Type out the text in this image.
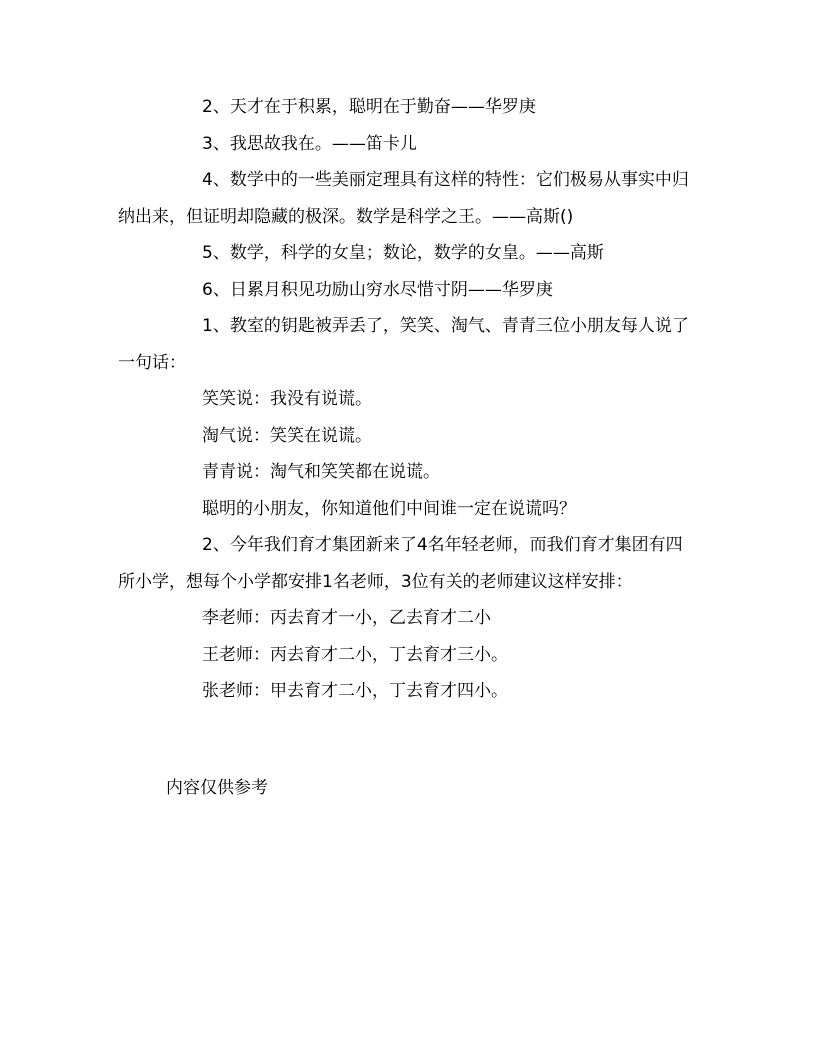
2、天才在于积累，聪明在于勤奋——华罗庚

3、我思故我在。——笛卡儿

4、数学中的一些美丽定理具有这样的特性：它们极易从事实中归纳出来，但证明却隐藏的极深。数学是科学之王。——高斯()

5、数学，科学的女皇；数论，数学的女皇。——高斯

6、日累月积见功励山穷水尽惜寸阴——华罗庚

1、教室的钥匙被弄丢了，笑笑、淘气、青青三位小朋友每人说了一句话：

笑笑说：我没有说谎。

淘气说：笑笑在说谎。

青青说：淘气和笑笑都在说谎。

聪明的小朋友，你知道他们中间谁一定在说谎吗？

2、今年我们育才集团新来了4名年轻老师，而我们育才集团有四所小学，想每个小学都安排1名老师，3位有关的老师建议这样安排：

李老师：丙去育才一小，乙去育才二小

王老师：丙去育才二小，丁去育才三小。

张老师：甲去育才二小，丁去育才四小。

内容仅供参考
